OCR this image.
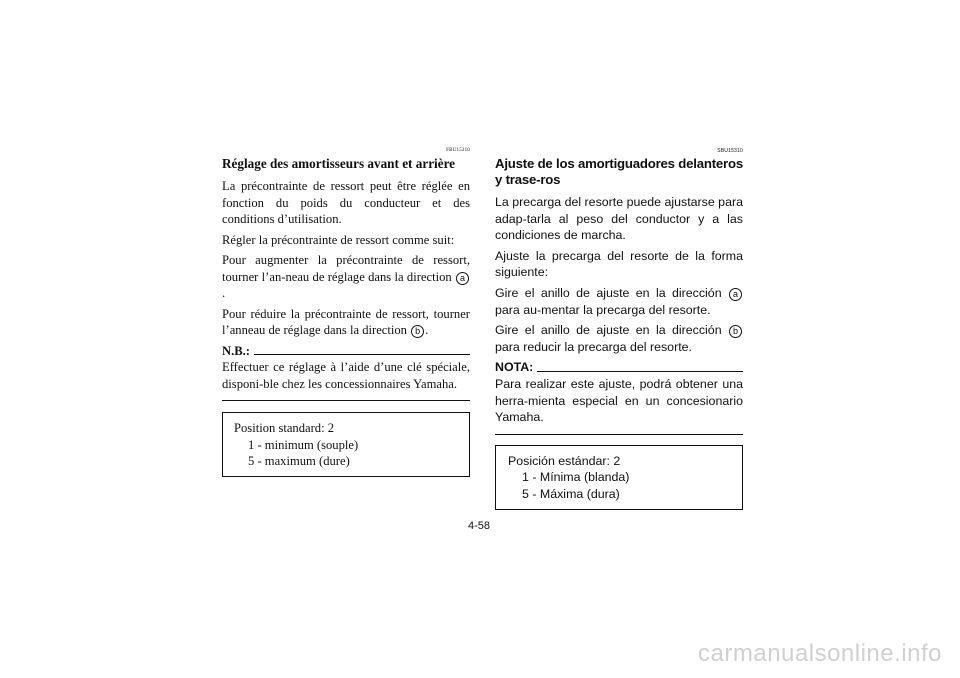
FBU15310
Réglage des amortisseurs avant et arrière

La précontrainte de ressort peut être réglée en fonction du poids du conducteur et des conditions d’utilisation.

Régler la précontrainte de ressort comme suit:

Pour augmenter la précontrainte de ressort, tourner l’an-neau de réglage dans la direction a.

Pour réduire la précontrainte de ressort, tourner l’anneau de réglage dans la direction b .

N.B.:

Effectuer ce réglage à l’aide d’une clé spéciale, disponi-ble chez les concessionnaires Yamaha.

Position standard: 2
1 - minimum (souple)
5 - maximum (dure)
SBU15310
Ajuste de los amortiguadores delanteros y trase-ros

La precarga del resorte puede ajustarse para adap-tarla al peso del conductor y a las condiciones de marcha.

Ajuste la precarga del resorte de la forma siguiente:

Gire el anillo de ajuste en la dirección a para au-mentar la precarga del resorte.

Gire el anillo de ajuste en la dirección b para reducir la precarga del resorte.

NOTA:

Para realizar este ajuste, podrá obtener una herra-mienta especial en un concesionario Yamaha.

Posición estándar: 2
1 - Mínima (blanda)
5 - Máxima (dura)
4-58
carmanualsonline.info
